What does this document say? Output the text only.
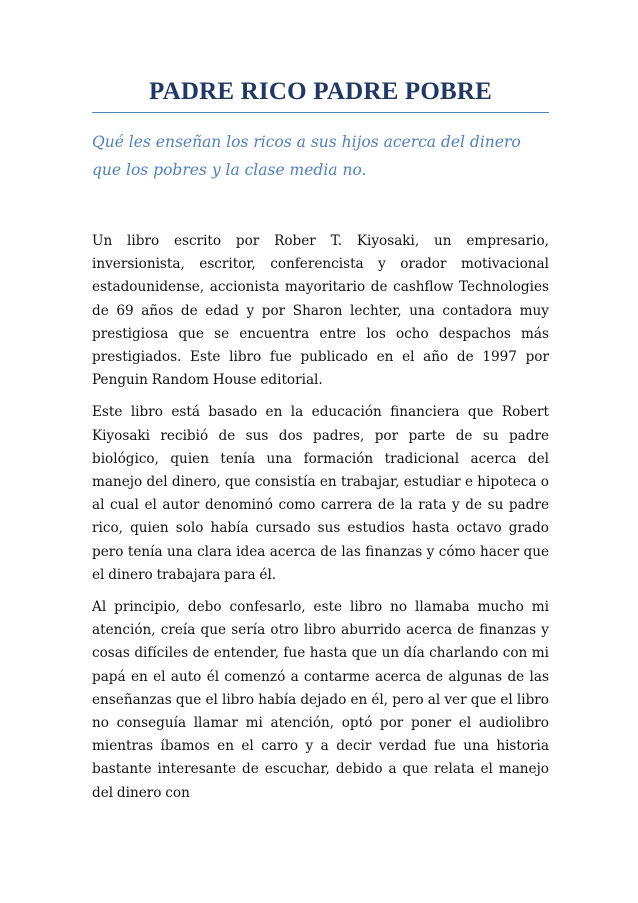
PADRE RICO PADRE POBRE

Qué les enseñan los ricos a sus hijos acerca del dinero que los pobres y la clase media no.

Un libro escrito por Rober T. Kiyosaki, un empresario, inversionista, escritor, conferencista y orador motivacional estadounidense, accionista mayoritario de cashflow Technologies de 69 años de edad y por Sharon lechter, una contadora muy prestigiosa que se encuentra entre los ocho despachos más prestigiados. Este libro fue publicado en el año de 1997 por Penguin Random House editorial.

Este libro está basado en la educación financiera que Robert Kiyosaki recibió de sus dos padres, por parte de su padre biológico, quien tenía una formación tradicional acerca del manejo del dinero, que consistía en trabajar, estudiar e hipoteca o al cual el autor denominó como carrera de la rata y de su padre rico, quien solo había cursado sus estudios hasta octavo grado pero tenía una clara idea acerca de las finanzas y cómo hacer que el dinero trabajara para él.

Al principio, debo confesarlo, este libro no llamaba mucho mi atención, creía que sería otro libro aburrido acerca de finanzas y cosas difíciles de entender, fue hasta que un día charlando con mi papá en el auto él comenzó a contarme acerca de algunas de las enseñanzas que el libro había dejado en él, pero al ver que el libro no conseguía llamar mi atención, optó por poner el audiolibro mientras íbamos en el carro y a decir verdad fue una historia bastante interesante de escuchar, debido a que relata el manejo del dinero con
